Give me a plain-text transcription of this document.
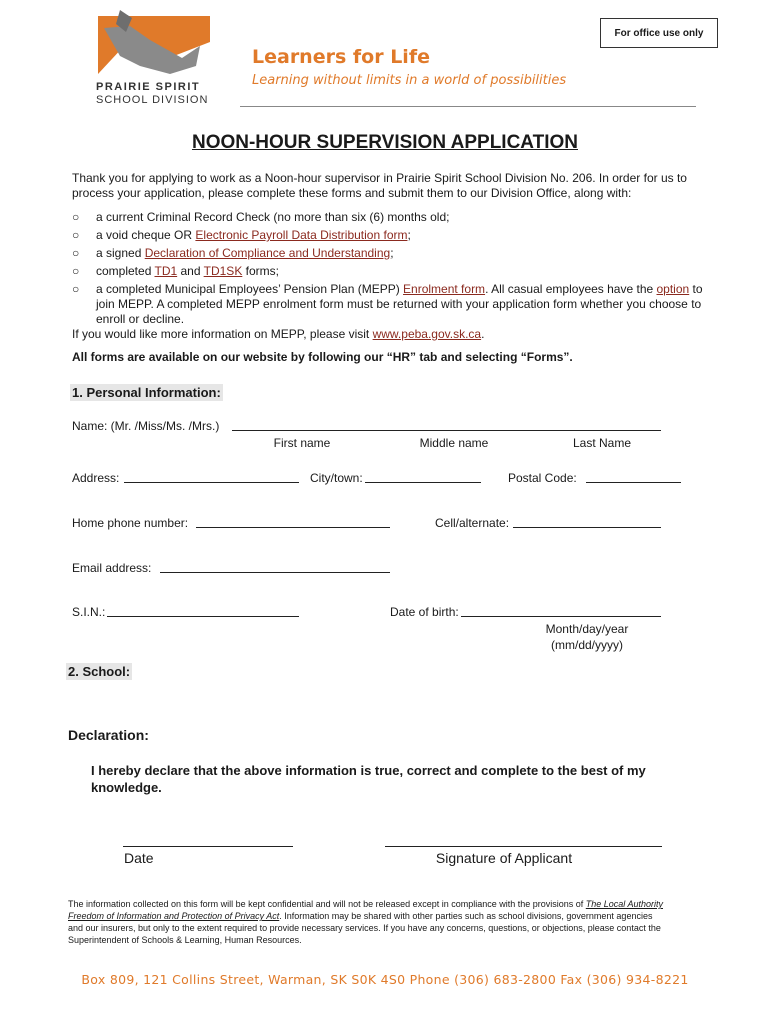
For office use only
PRAIRIE SPIRIT
SCHOOL DIVISION
Learners for Life
Learning without limits in a world of possibilities
NOON-HOUR SUPERVISION APPLICATION
Thank you for applying to work as a Noon-hour supervisor in Prairie Spirit School Division No. 206. In order for us to process your application, please complete these forms and submit them to our Division Office, along with:
○ a current Criminal Record Check (no more than six (6) months old;
○ a void cheque OR Electronic Payroll Data Distribution form;
○ a signed Declaration of Compliance and Understanding;
○ completed TD1 and TD1SK forms;
○ a completed Municipal Employees’ Pension Plan (MEPP) Enrolment form. All casual employees have the option to join MEPP. A completed MEPP enrolment form must be returned with your application form whether you choose to enroll or decline.
If you would like more information on MEPP, please visit www.peba.gov.sk.ca.
All forms are available on our website by following our “HR” tab and selecting “Forms”.
1. Personal Information:
Name: (Mr. /Miss/Ms. /Mrs.)
First name	Middle name	Last Name
Address:	City/town:	Postal Code:
Home phone number:	Cell/alternate:
Email address:
S.I.N.:	Date of birth:
Month/day/year
(mm/dd/yyyy)
2. School:
Declaration:
I hereby declare that the above information is true, correct and complete to the best of my knowledge.
Date	Signature of Applicant
The information collected on this form will be kept confidential and will not be released except in compliance with the provisions of The Local Authority Freedom of Information and Protection of Privacy Act. Information may be shared with other parties such as school divisions, government agencies and our insurers, but only to the extent required to provide necessary services. If you have any concerns, questions, or objections, please contact the Superintendent of Schools & Learning, Human Resources.
Box 809, 121 Collins Street, Warman, SK S0K 4S0 Phone (306) 683-2800 Fax (306) 934-8221
